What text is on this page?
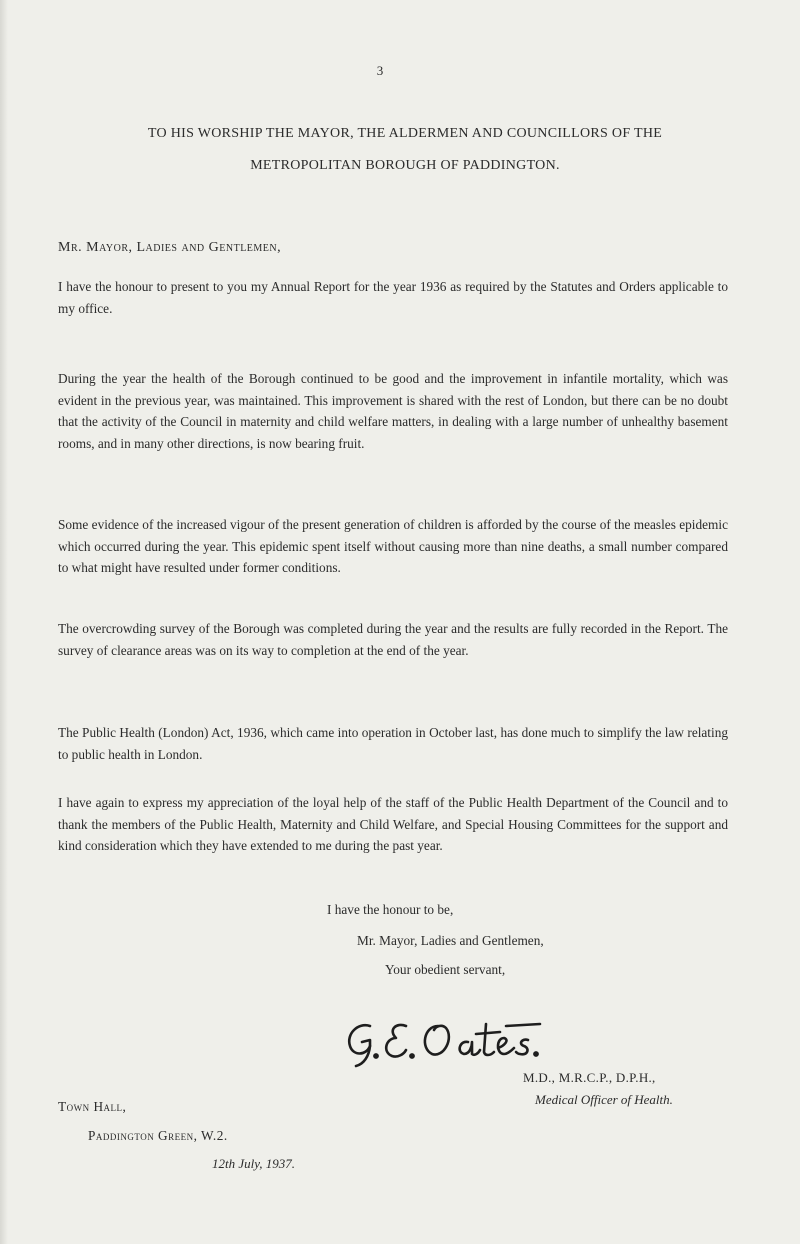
3
TO HIS WORSHIP THE MAYOR, THE ALDERMEN AND COUNCILLORS OF THE
METROPOLITAN BOROUGH OF PADDINGTON.
Mr. Mayor, Ladies and Gentlemen,

I have the honour to present to you my Annual Report for the year 1936 as required by the Statutes and Orders applicable to my office.

During the year the health of the Borough continued to be good and the improvement in infantile mortality, which was evident in the previous year, was maintained. This improvement is shared with the rest of London, but there can be no doubt that the activity of the Council in maternity and child welfare matters, in dealing with a large number of unhealthy basement rooms, and in many other directions, is now bearing fruit.

Some evidence of the increased vigour of the present generation of children is afforded by the course of the measles epidemic which occurred during the year. This epidemic spent itself without causing more than nine deaths, a small number compared to what might have resulted under former conditions.

The overcrowding survey of the Borough was completed during the year and the results are fully recorded in the Report. The survey of clearance areas was on its way to completion at the end of the year.

The Public Health (London) Act, 1936, which came into operation in October last, has done much to simplify the law relating to public health in London.

I have again to express my appreciation of the loyal help of the staff of the Public Health Department of the Council and to thank the members of the Public Health, Maternity and Child Welfare, and Special Housing Committees for the support and kind consideration which they have extended to me during the past year.

I have the honour to be,
Mr. Mayor, Ladies and Gentlemen,
Your obedient servant,
M.D., M.R.C.P., D.P.H.,
Medical Officer of Health.
Town Hall,
Paddington Green, W.2.
12th July, 1937.
